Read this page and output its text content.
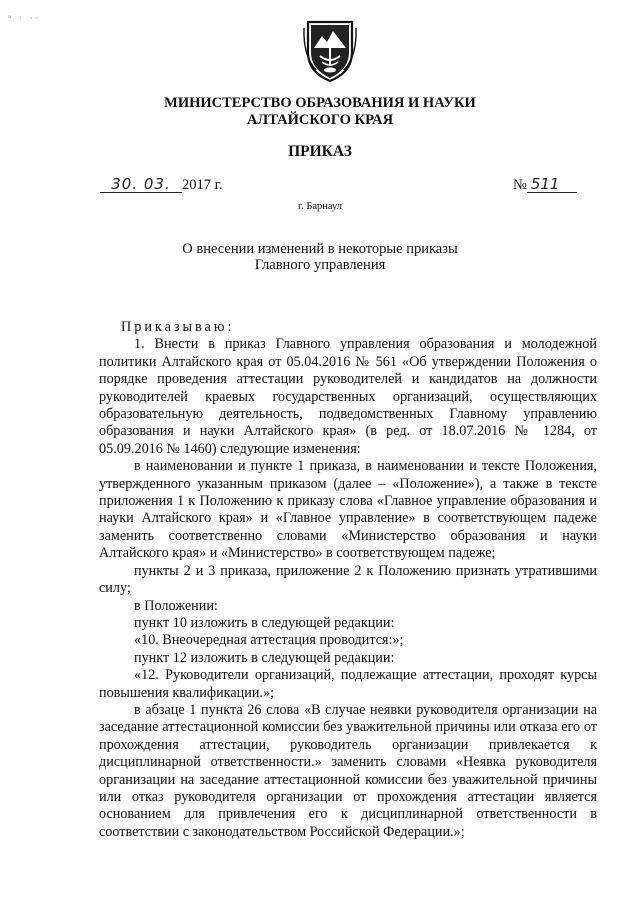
° · ··
МИНИСТЕРСТВО ОБРАЗОВАНИЯ И НАУКИ
АЛТАЙСКОГО КРАЯ
ПРИКАЗ
30. 03. 2017 г.	№ 511
г. Барнаул
О внесении изменений в некоторые приказы
Главного управления

Приказываю:

1. Внести в приказ Главного управления образования и молодежной политики Алтайского края от 05.04.2016 № 561 «Об утверждении Положения о порядке проведения аттестации руководителей и кандидатов на должности руководителей краевых государственных организаций, осуществляющих образовательную деятельность, подведомственных Главному управлению образования и науки Алтайского края» (в ред. от 18.07.2016 № 1284, от 05.09.2016 № 1460) следующие изменения:

в наименовании и пункте 1 приказа, в наименовании и тексте Положения, утвержденного указанным приказом (далее – «Положение»), а также в тексте приложения 1 к Положению к приказу слова «Главное управление образования и науки Алтайского края» и «Главное управление» в соответствующем падеже заменить соответственно словами «Министерство образования и науки Алтайского края» и «Министерство» в соответствующем падеже;

пункты 2 и 3 приказа, приложение 2 к Положению признать утратившими силу;

в Положении:

пункт 10 изложить в следующей редакции:

«10. Внеочередная аттестация проводится:»;

пункт 12 изложить в следующей редакции:

«12. Руководители организаций, подлежащие аттестации, проходят курсы повышения квалификации.»;

в абзаце 1 пункта 26 слова «В случае неявки руководителя организации на заседание аттестационной комиссии без уважительной причины или отказа его от прохождения аттестации, руководитель организации привлекается к дисциплинарной ответственности.» заменить словами «Неявка руководителя организации на заседание аттестационной комиссии без уважительной причины или отказ руководителя организации от прохождения аттестации является основанием для привлечения его к дисциплинарной ответственности в соответствии с законодательством Российской Федерации.»;
